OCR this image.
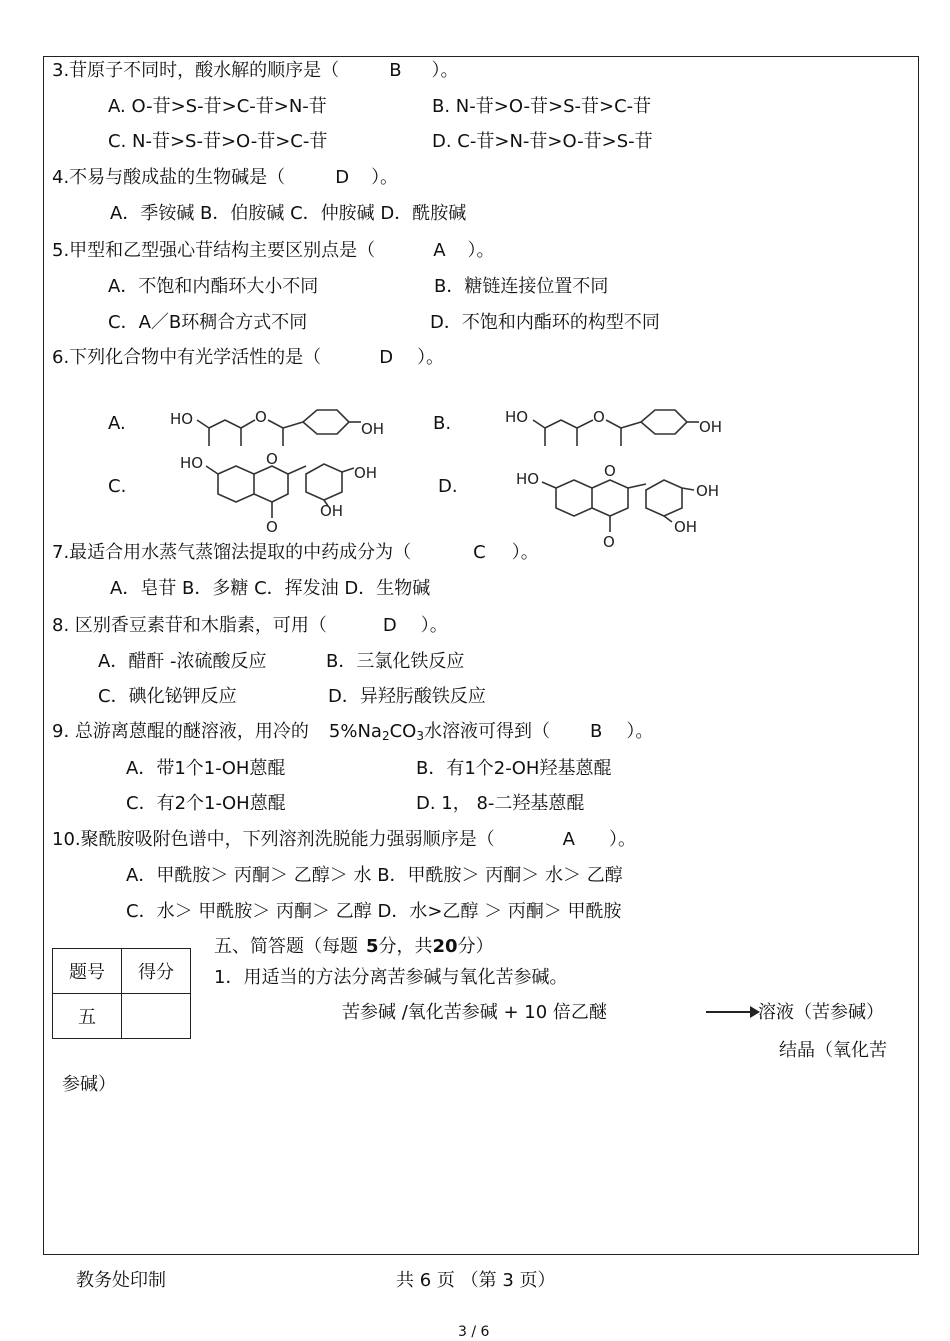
3.苷原子不同时，酸水解的顺序是（	B ）。
A. O-苷>S-苷>C-苷>N-苷	B. N-苷>O-苷>S-苷>C-苷
C. N-苷>S-苷>O-苷>C-苷	D. C-苷>N-苷>O-苷>S-苷
4.不易与酸成盐的生物碱是（	D ）。
A．季铵碱 B．伯胺碱 C．仲胺碱 D．酰胺碱
5.甲型和乙型强心苷结构主要区别点是（	A ）。
A．不饱和内酯环大小不同	B．糖链连接位置不同
C．A／B环稠合方式不同	D．不饱和内酯环的构型不同
6.下列化合物中有光学活性的是（	D ）。
A.	B.
C.	D.
HO	O
OH
HO	O
OH
HO	O
O
OH
OH
HO	O
O
OH
OH
7.最适合用水蒸气蒸馏法提取的中药成分为（	C ）。
A．皂苷 B．多糖 C．挥发油 D．生物碱
8. 区别香豆素苷和木脂素，可用（	D ）。
A．醋酐 -浓硫酸反应	B．三氯化铁反应
C．碘化铋钾反应	D．异羟肟酸铁反应
9. 总游离蒽醌的醚溶液，用冷的 $5\%Na_2CO_3$水溶液可得到（ B ）。
A．带1个1-OH蒽醌	B．有1个2-OH羟基蒽醌
C．有2个1-OH蒽醌	D. 1， 8-二羟基蒽醌
10.聚酰胺吸附色谱中，下列溶剂洗脱能力强弱顺序是（	A ）。
A．甲酰胺＞ 丙酮＞ 乙醇＞ 水 B．甲酰胺＞ 丙酮＞ 水＞ 乙醇
C．水＞ 甲酰胺＞ 丙酮＞ 乙醇 D．水>乙醇 ＞ 丙酮＞ 甲酰胺
五、简答题（每题 5分，共20分）
题号	得分
五	
1．用适当的方法分离苦参碱与氧化苦参碱。
苦参碱 /氧化苦参碱 + 10 倍乙醚	溶液（苦参碱）
结晶（氧化苦
参碱）
教务处印制	共 6 页 （第 3 页）
3 / 6
